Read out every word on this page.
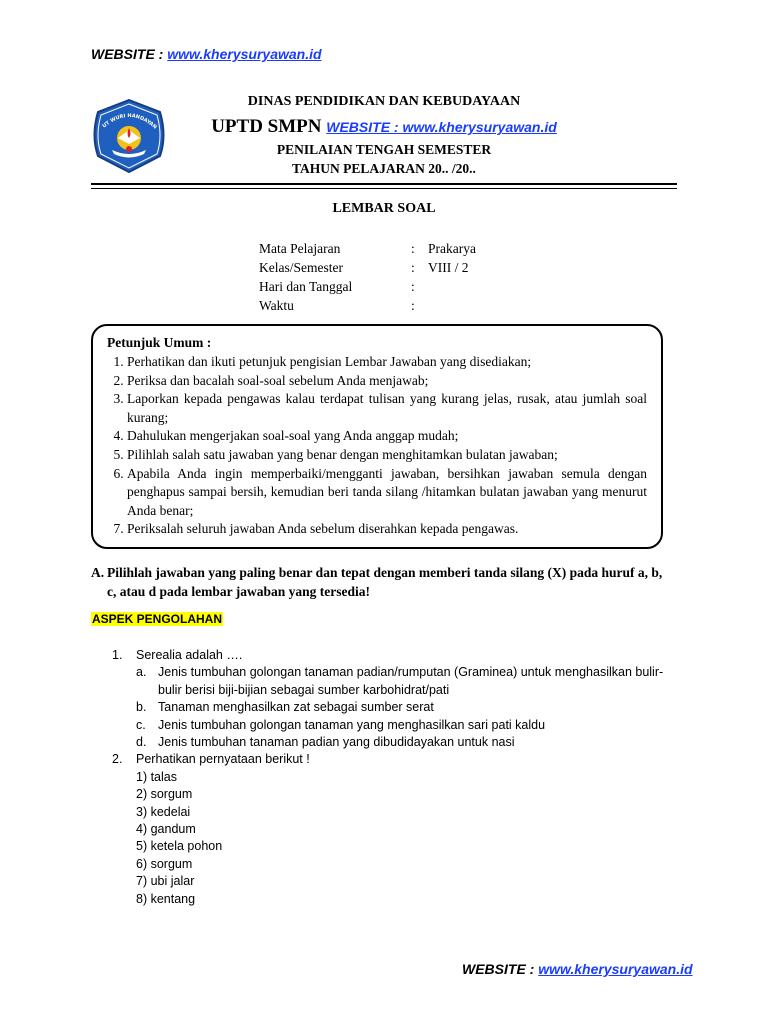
WEBSITE : www.kherysuryawan.id
UT WURI HANDAYAN
DINAS PENDIDIKAN DAN KEBUDAYAAN
UPTD SMPN WEBSITE : www.kherysuryawan.id
PENILAIAN TENGAH SEMESTER
TAHUN PELAJARAN 20.. /20..
LEMBAR SOAL
Mata Pelajaran	: Prakarya
Kelas/Semester	: VIII / 2
Hari dan Tanggal	:
Waktu	:
Petunjuk Umum :
1. Perhatikan dan ikuti petunjuk pengisian Lembar Jawaban yang disediakan;
2. Periksa dan bacalah soal-soal sebelum Anda menjawab;
3. Laporkan kepada pengawas kalau terdapat tulisan yang kurang jelas, rusak, atau jumlah soal kurang;
4. Dahulukan mengerjakan soal-soal yang Anda anggap mudah;
5. Pilihlah salah satu jawaban yang benar dengan menghitamkan bulatan jawaban;
6. Apabila Anda ingin memperbaiki/mengganti jawaban, bersihkan jawaban semula dengan penghapus sampai bersih, kemudian beri tanda silang /hitamkan bulatan jawaban yang menurut Anda benar;
7. Periksalah seluruh jawaban Anda sebelum diserahkan kepada pengawas.
A. Pilihlah jawaban yang paling benar dan tepat dengan memberi tanda silang (X) pada huruf a, b, c, atau d pada lembar jawaban yang tersedia!
ASPEK PENGOLAHAN
1.	Serealia adalah ….
a. Jenis tumbuhan golongan tanaman padian/rumputan (Graminea) untuk menghasilkan bulir-bulir berisi biji-bijian sebagai sumber karbohidrat/pati
b. Tanaman menghasilkan zat sebagai sumber serat
c. Jenis tumbuhan golongan tanaman yang menghasilkan sari pati kaldu
d. Jenis tumbuhan tanaman padian yang dibudidayakan untuk nasi
2.	Perhatikan pernyataan berikut !
1) talas
2) sorgum
3) kedelai
4) gandum
5) ketela pohon
6) sorgum
7) ubi jalar
8) kentang
WEBSITE : www.kherysuryawan.id
